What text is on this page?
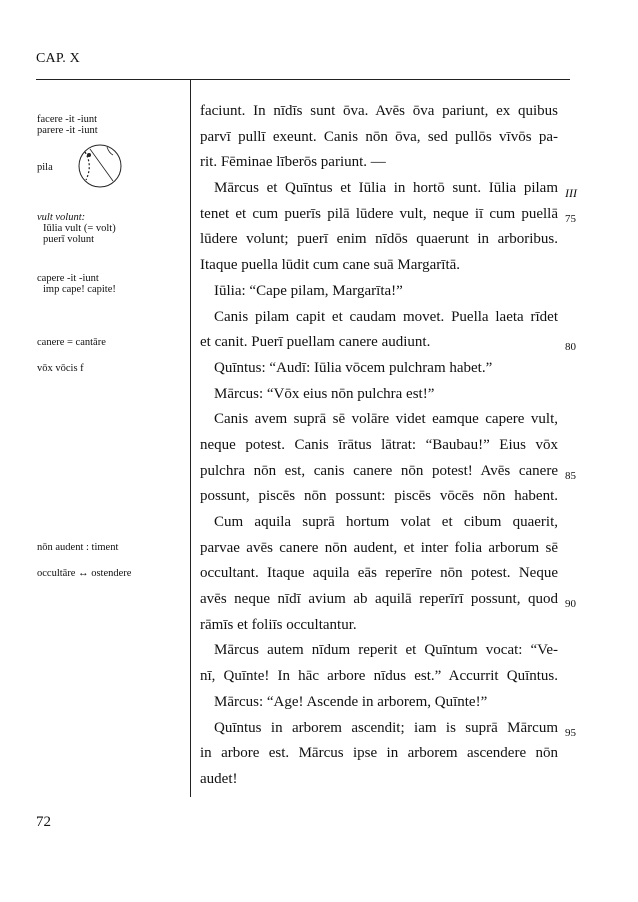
CAP. X
facere -it -iunt
parere -it -iunt
pila
vult volunt:
Iūlia vult (= volt)
puerī volunt
capere -it -iunt
imp cape! capite!
canere = cantāre
vōx vōcis f
nōn audent : timent
occultāre ↔ ostendere
faciunt. In nīdīs sunt ōva. Avēs ōva pariunt, ex quibus
parvī pullī exeunt. Canis nōn ōva, sed pullōs vīvōs pa-
rit. Fēminae līberōs pariunt. —
Mārcus et Quīntus et Iūlia in hortō sunt. Iūlia pilam
tenet et cum puerīs pilā lūdere vult, neque iī cum puellā
lūdere volunt; puerī enim nīdōs quaerunt in arboribus.
Itaque puella lūdit cum cane suā Margarītā.
Iūlia: “Cape pilam, Margarīta!”
Canis pilam capit et caudam movet. Puella laeta rīdet
et canit. Puerī puellam canere audiunt.
Quīntus: “Audī: Iūlia vōcem pulchram habet.”
Mārcus: “Vōx eius nōn pulchra est!”
Canis avem suprā sē volāre videt eamque capere vult,
neque potest. Canis īrātus lātrat: “Baubau!” Eius vōx
pulchra nōn est, canis canere nōn potest! Avēs canere
possunt, piscēs nōn possunt: piscēs vōcēs nōn habent.
Cum aquila suprā hortum volat et cibum quaerit,
parvae avēs canere nōn audent, et inter folia arborum sē
occultant. Itaque aquila eās reperīre nōn potest. Neque
avēs neque nīdī avium ab aquilā reperīrī possunt, quod
rāmīs et foliīs occultantur.
Mārcus autem nīdum reperit et Quīntum vocat: “Ve-
nī, Quīnte! In hāc arbore nīdus est.” Accurrit Quīntus.
Mārcus: “Age! Ascende in arborem, Quīnte!”
Quīntus in arborem ascendit; iam is suprā Mārcum
in arbore est. Mārcus ipse in arborem ascendere nōn
audet!
III
75
80
85
90
95
72
